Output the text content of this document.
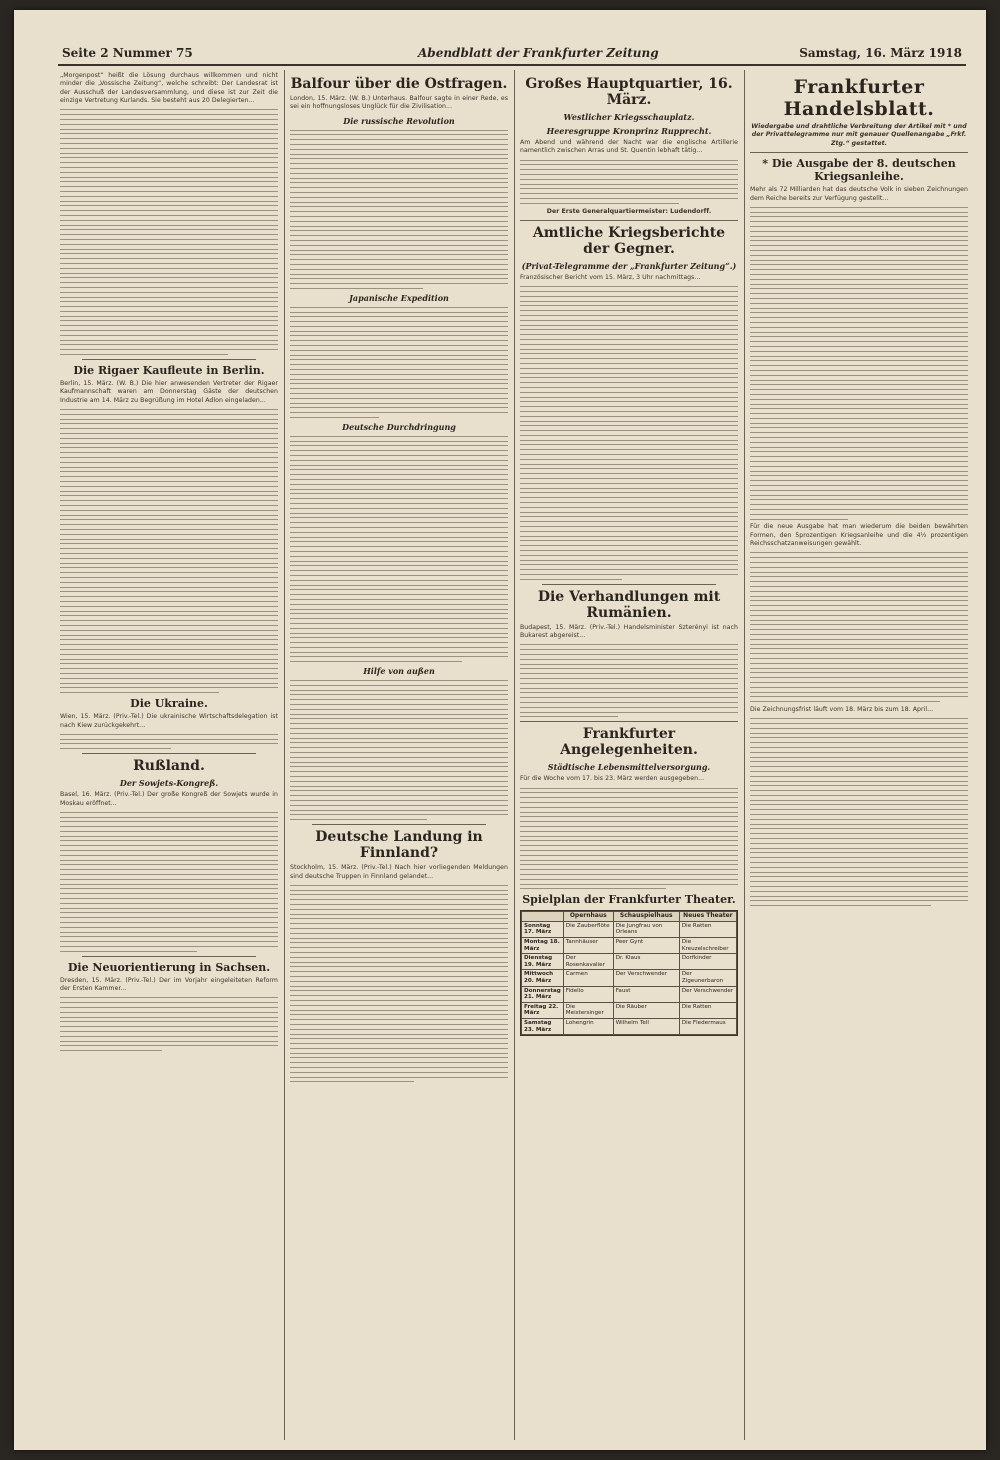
Seite 2 Nummer 75	Abendblatt der Frankfurter Zeitung	Samstag, 16. März 1918
„Morgenpost“ heißt die Lösung durchaus willkommen und nicht minder die „Vossische Zeitung“, welche schreibt: Der Landesrat ist der Ausschuß der Landesversammlung, und diese ist zur Zeit die einzige Vertretung Kurlands. Sie besteht aus 20 Delegierten...
Die Rigaer Kaufleute in Berlin.
Berlin, 15. März. (W. B.) Die hier anwesenden Vertreter der Rigaer Kaufmannschaft waren am Donnerstag Gäste der deutschen Industrie am 14. März zu Begrüßung im Hotel Adlon eingeladen...
Die Ukraine.
Wien, 15. März. (Priv.-Tel.) Die ukrainische Wirtschaftsdelegation ist nach Kiew zurückgekehrt...
Rußland.
Der Sowjets-Kongreß.
Basel, 16. März. (Priv.-Tel.) Der große Kongreß der Sowjets wurde in Moskau eröffnet...
Die Neuorientierung in Sachsen.
Dresden, 15. März. (Priv.-Tel.) Der im Vorjahr eingeleiteten Reform der Ersten Kammer...
Balfour über die Ostfragen.
London, 15. März. (W. B.) Unterhaus. Balfour sagte in einer Rede, es sei ein hoffnungsloses Unglück für die Zivilisation...
Die russische Revolution
Japanische Expedition
Deutsche Durchdringung
Hilfe von außen
Deutsche Landung in Finnland?
Stockholm, 15. März. (Priv.-Tel.) Nach hier vorliegenden Meldungen sind deutsche Truppen in Finnland gelandet...
Großes Hauptquartier, 16. März.
Westlicher Kriegsschauplatz.
Heeresgruppe Kronprinz Rupprecht.
Am Abend und während der Nacht war die englische Artillerie namentlich zwischen Arras und St. Quentin lebhaft tätig...
Der Erste Generalquartiermeister: Ludendorff.
Amtliche Kriegsberichte der Gegner.
(Privat-Telegramme der „Frankfurter Zeitung“.)
Französischer Bericht vom 15. März, 3 Uhr nachmittags...
Die Verhandlungen mit Rumänien.
Budapest, 15. März. (Priv.-Tel.) Handelsminister Szterényi ist nach Bukarest abgereist...
Frankfurter Angelegenheiten.
Städtische Lebensmittelversorgung.
Für die Woche vom 17. bis 23. März werden ausgegeben...
Spielplan der Frankfurter Theater.
	Opernhaus	Schauspielhaus	Neues Theater
Sonntag 17. März	Die Zauberflöte	Die Jungfrau von Orleans	Die Ratten
Montag 18. März	Tannhäuser	Peer Gynt	Die Kreuzelschreiber
Dienstag 19. März	Der Rosenkavalier	Dr. Klaus	Dorfkinder
Mittwoch 20. März	Carmen	Der Verschwender	Der Zigeunerbaron
Donnerstag 21. März	Fidelio	Faust	Der Verschwender
Freitag 22. März	Die Meistersinger	Die Räuber	Die Ratten
Samstag 23. März	Lohengrin	Wilhelm Tell	Die Fledermaus
Frankfurter Handelsblatt.
Wiedergabe und drahtliche Verbreitung der Artikel mit * und der Privattelegramme nur mit genauer Quellenangabe „Frkf. Ztg.“ gestattet.
* Die Ausgabe der 8. deutschen Kriegsanleihe.
Mehr als 72 Milliarden hat das deutsche Volk in sieben Zeichnungen dem Reiche bereits zur Verfügung gestellt...
Für die neue Ausgabe hat man wiederum die beiden bewährten Formen, den 5prozentigen Kriegsanleihe und die 4½ prozentigen Reichsschatzanweisungen gewählt.
Die Zeichnungsfrist läuft vom 18. März bis zum 18. April...
